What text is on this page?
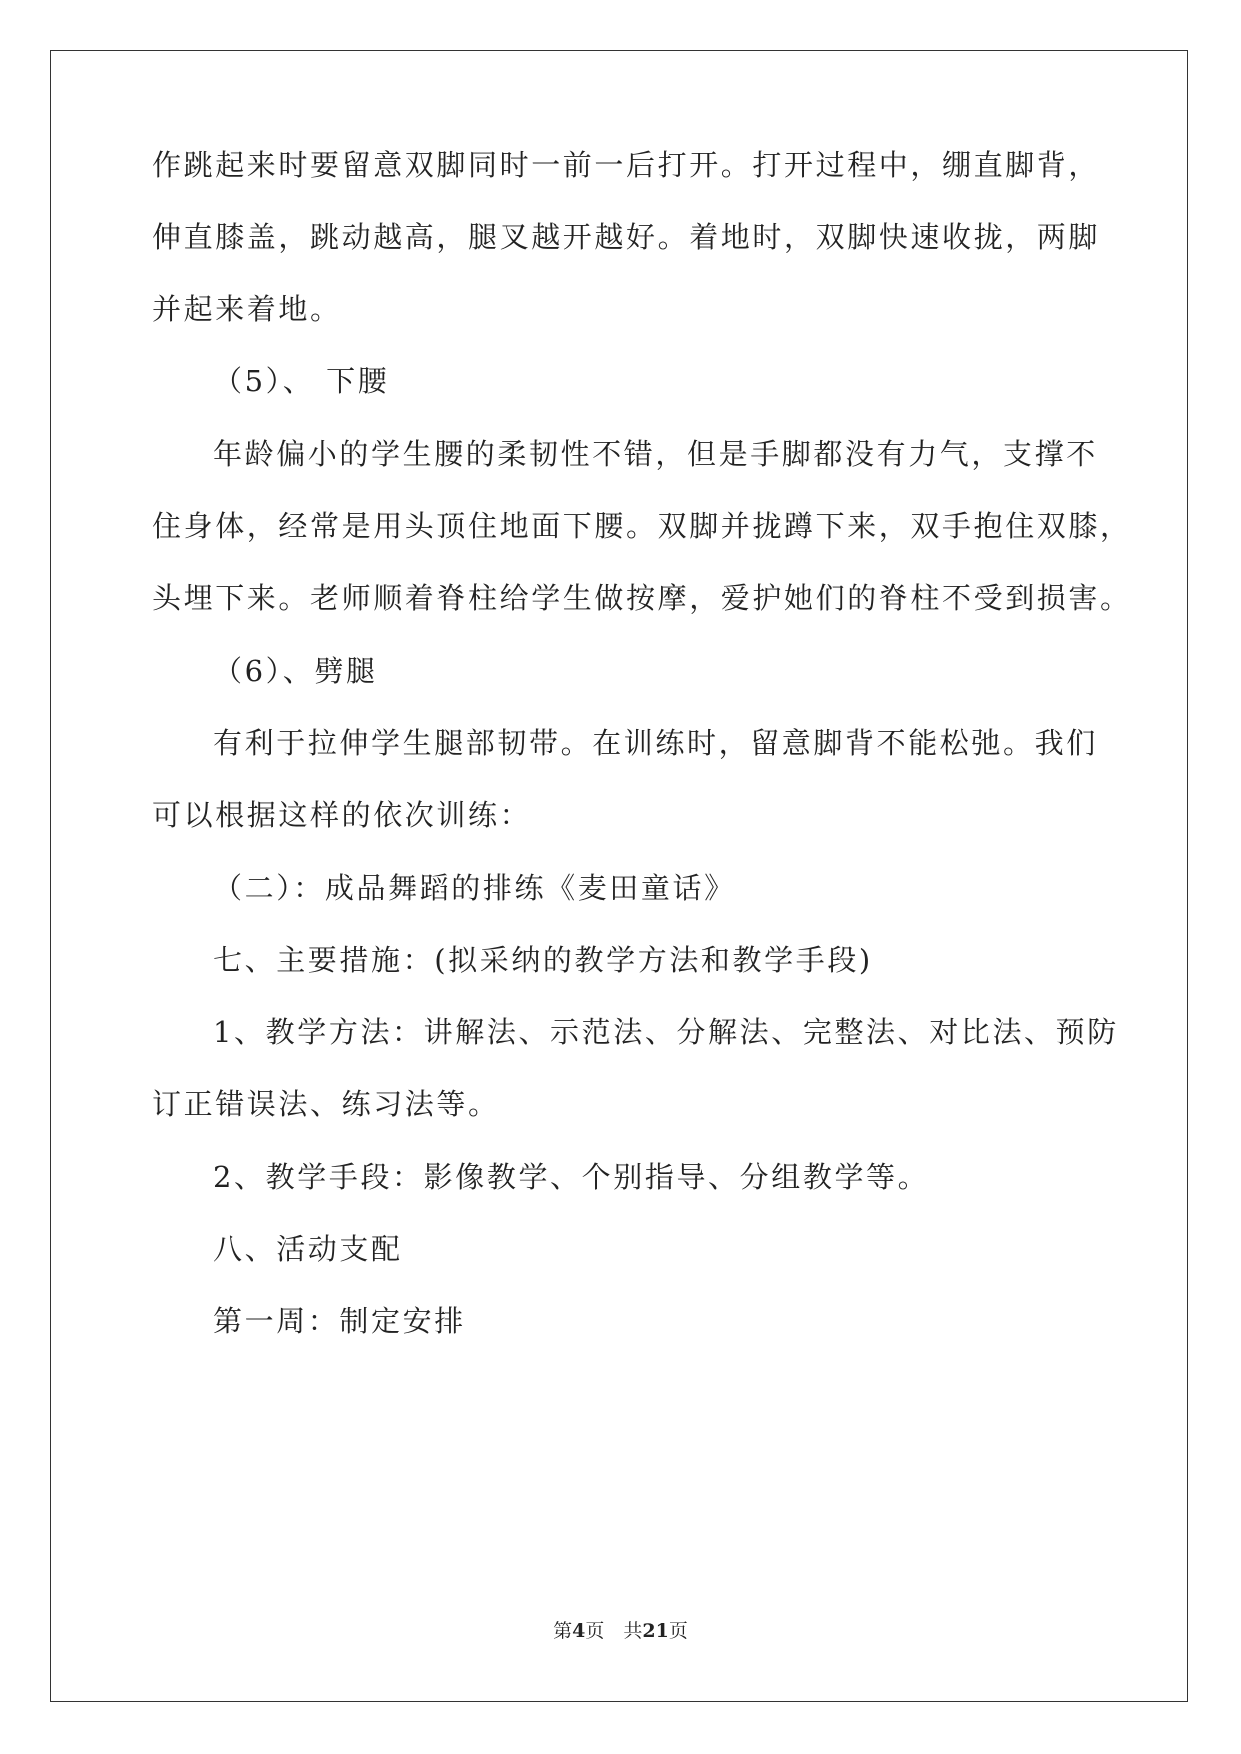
作跳起来时要留意双脚同时一前一后打开。打开过程中，绷直脚背，
伸直膝盖，跳动越高，腿叉越开越好。着地时，双脚快速收拢，两脚
并起来着地。
（5）、 下腰
年龄偏小的学生腰的柔韧性不错，但是手脚都没有力气，支撑不
住身体，经常是用头顶住地面下腰。双脚并拢蹲下来，双手抱住双膝，
头埋下来。老师顺着脊柱给学生做按摩，爱护她们的脊柱不受到损害。
（6）、劈腿
有利于拉伸学生腿部韧带。在训练时，留意脚背不能松弛。我们
可以根据这样的依次训练：
（二）：成品舞蹈的排练《麦田童话》
七、主要措施：(拟采纳的教学方法和教学手段)
1、教学方法：讲解法、示范法、分解法、完整法、对比法、预防
订正错误法、练习法等。
2、教学手段：影像教学、个别指导、分组教学等。
八、活动支配
第一周：制定安排
第4页　共21页
